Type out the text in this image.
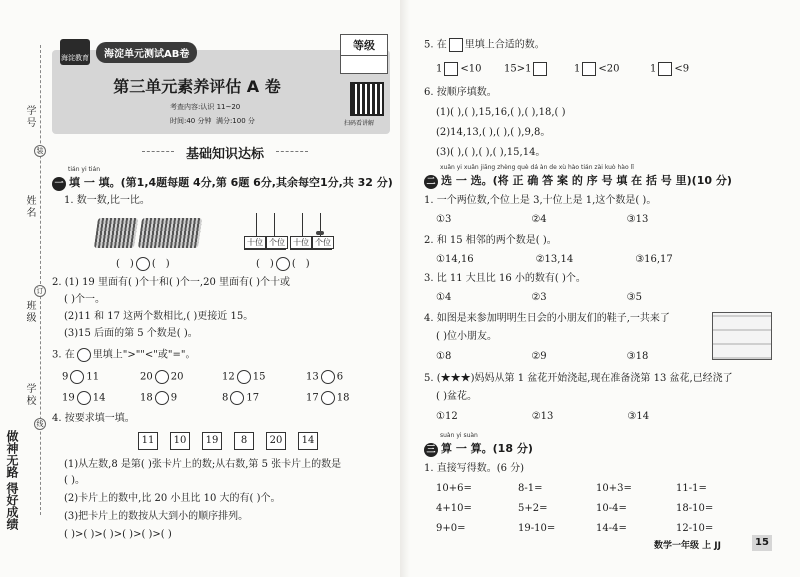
学号
装
姓名
订
班级
学校
线
做神无路 得好成绩
海淀教育	海淀单元测试AB卷
等级
第三单元素养评估 A 卷
考查内容:认识 11~20
时间:40 分钟 满分:100 分	扫码看讲解
基础知识达标
tián yi tián
一 填 一 填。(第1,4题每题 4分,第 6题 6分,其余每空1分,共 32 分)
1. 数一数,比一比。
十位 个位	十位 个位
( ) ( )	( ) ( )
2. (1) 19 里面有( )个十和( )个一,20 里面有( )个十或
( )个一。
(2)11 和 17 这两个数相比,( )更接近 15。
(3)15 后面的第 5 个数是( )。
3. 在 里填上">""<"或"="。
9 11	20 20	12 15	13 6
19 14	18 9	8 17	17 18
4. 按要求填一填。
11	10	19	8	20	14
(1)从左数,8 是第( )张卡片上的数;从右数,第 5 张卡片上的数是
( )。
(2)卡片上的数中,比 20 小且比 10 大的有( )个。
(3)把卡片上的数按从大到小的顺序排列。
( )>( )>( )>( )>( )>( )
5. 在 里填上合适的数。
1 <10 15>1	1 <20	1 <9
6. 按顺序填数。
(1)( ),( ),15,16,( ),( ),18,( )
(2)14,13,( ),( ),( ),9,8。
(3)( ),( ),( ),( ),15,14。
xuǎn yi xuǎn jiāng zhèng què dá àn de xù hào tián zài kuò hào lǐ
二 选 一 选。(将 正 确 答 案 的 序 号 填 在 括 号 里)(10 分)
1. 一个两位数,个位上是 3,十位上是 1,这个数是( )。
①3	②4	③13
2. 和 15 相邻的两个数是( )。
①14,16	②13,14	③16,17
3. 比 11 大且比 16 小的数有( )个。
①4	②3	③5
4. 如图是来参加明明生日会的小朋友们的鞋子,一共来了
( )位小朋友。
①8	②9	③18
5. (★★★)妈妈从第 1 盆花开始浇起,现在准备浇第 13 盆花,已经浇了
( )盆花。
①12	②13	③14
suàn yi suàn
三 算 一 算。(18 分)
1. 直接写得数。(6 分)
10+6=	8-1=	10+3=	11-1=
4+10=	5+2=	10-4=	18-10=
9+0=	19-10=	14-4=	12-10=
数学一年级 上 JJ	15
